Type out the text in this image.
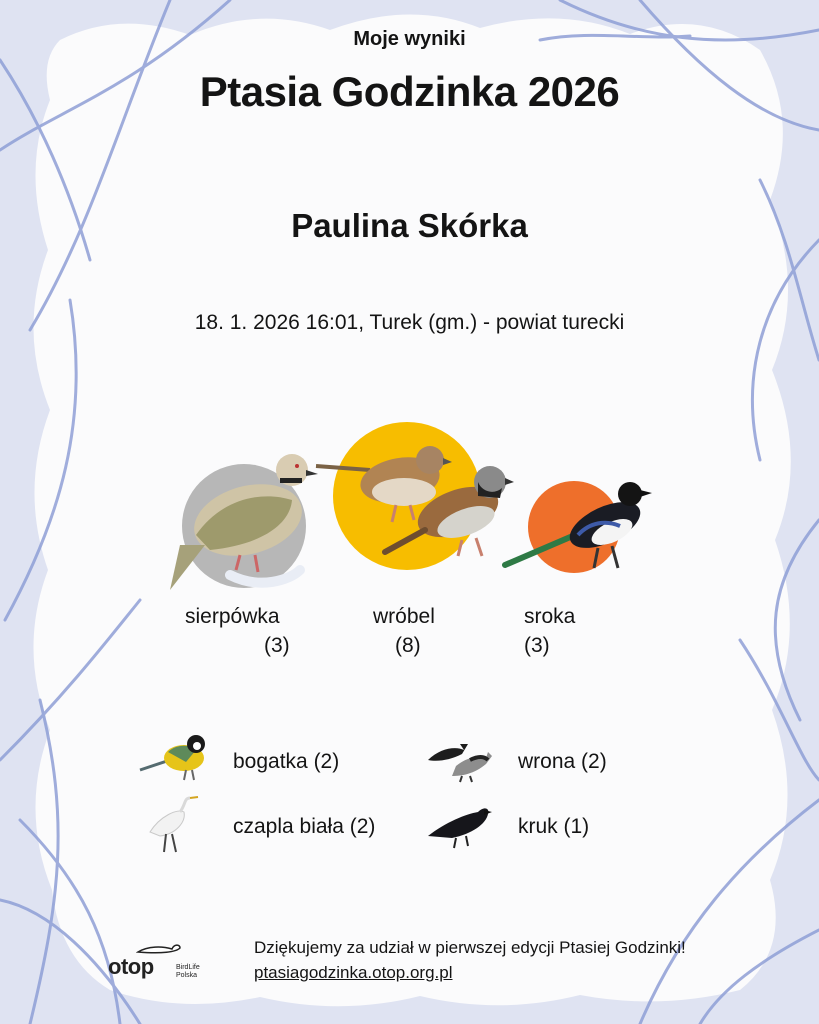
Moje wyniki
Ptasia Godzinka 2026
Paulina Skórka
18. 1. 2026 16:01, Turek (gm.) - powiat turecki
sierpówka
(3)
wróbel
(8)
sroka
(3)
bogatka (2)	wrona (2)
czapla biała (2)	kruk (1)
otop	BirdLife
Polska
Dziękujemy za udział w pierwszej edycji Ptasiej Godzinki!
ptasiagodzinka.otop.org.pl
